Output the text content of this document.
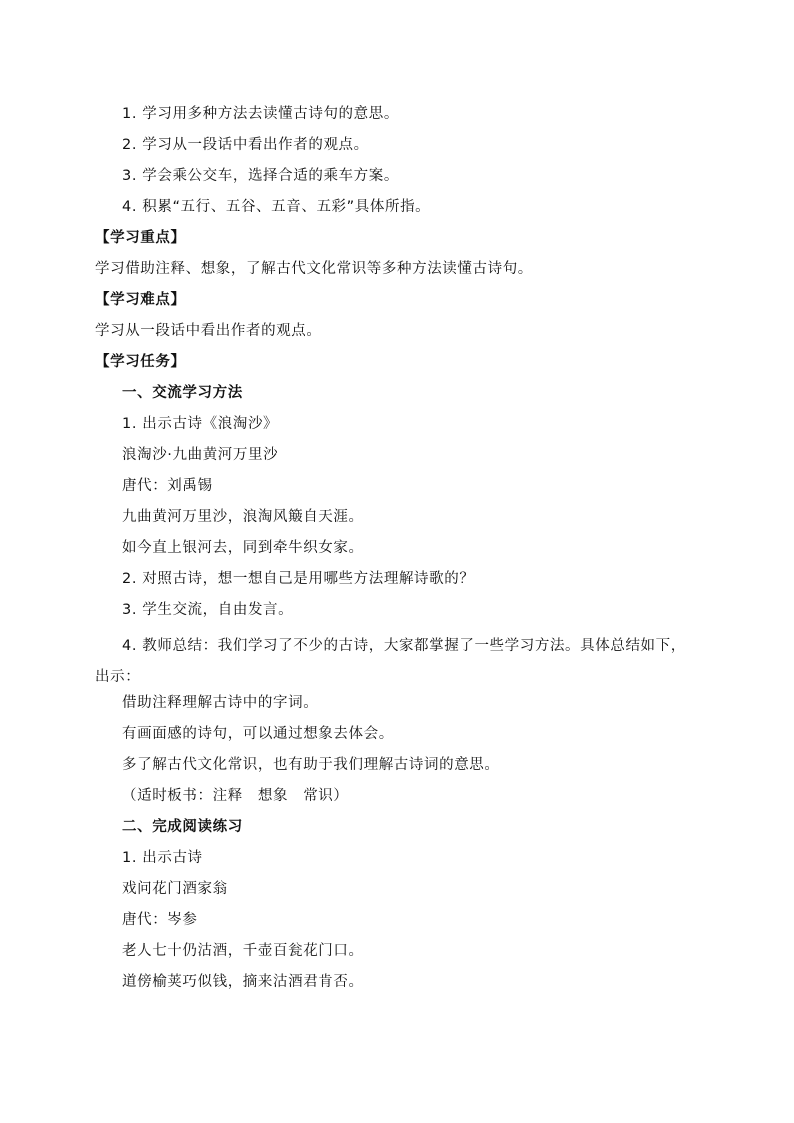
1. 学习用多种方法去读懂古诗句的意思。
2. 学习从一段话中看出作者的观点。
3. 学会乘公交车，选择合适的乘车方案。
4. 积累“五行、五谷、五音、五彩”具体所指。
【学习重点】
学习借助注释、想象，了解古代文化常识等多种方法读懂古诗句。
【学习难点】
学习从一段话中看出作者的观点。
【学习任务】
一、交流学习方法
1. 出示古诗《浪淘沙》
浪淘沙·九曲黄河万里沙
唐代：刘禹锡
九曲黄河万里沙，浪淘风簸自天涯。
如今直上银河去，同到牵牛织女家。
2. 对照古诗，想一想自己是用哪些方法理解诗歌的？
3. 学生交流，自由发言。
4. 教师总结：我们学习了不少的古诗，大家都掌握了一些学习方法。具体总结如下，出示：
借助注释理解古诗中的字词。
有画面感的诗句，可以通过想象去体会。
多了解古代文化常识，也有助于我们理解古诗词的意思。
（适时板书：注释　想象　常识）
二、完成阅读练习
1. 出示古诗
戏问花门酒家翁
唐代：岑参
老人七十仍沽酒，千壶百瓮花门口。
道傍榆荚巧似钱，摘来沽酒君肯否。
